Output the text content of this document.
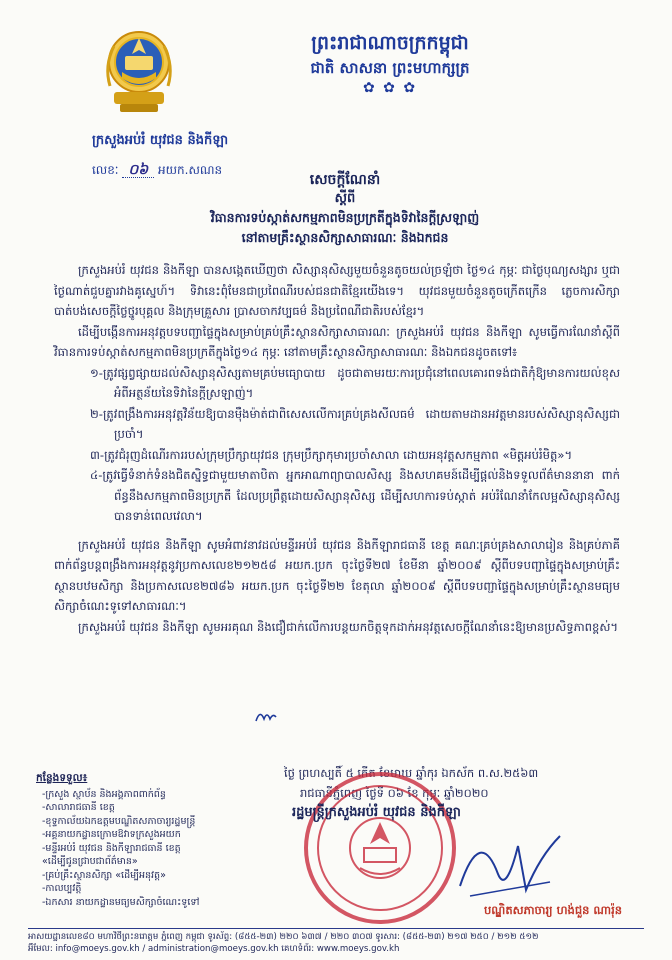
ព្រះរាជាណាចក្រកម្ពុជា
ជាតិ សាសនា ព្រះមហាក្សត្រ
✿ ✿ ✿
ក្រសួងអប់រំ យុវជន និងកីឡា
លេខៈ ០៦ អយក.សណន
សេចក្តីណែនាំ
ស្តីពី
វិធានការទប់ស្កាត់សកម្មភាពមិនប្រក្រតីក្នុងទិវានៃក្តីស្រឡាញ់
នៅតាមគ្រឹះស្ថានសិក្សាសាធារណៈ និងឯកជន

ក្រសួងអប់រំ យុវជន និងកីឡា បានសង្កេតឃើញថា សិស្សានុសិស្សមួយចំនួនតូចយល់ច្រឡំថា ថ្ងៃ១៤ កុម្ភៈ ជាថ្ងៃបុណ្យសង្សារ ឬជាថ្ងៃណាត់ជួបគ្នារវាងគូស្នេហ៍។ ទិវានេះពុំមែនជាប្រពៃណីរបស់ជនជាតិខ្មែរយើងទេ។ យុវជនមួយចំនួនតូចក្រើតក្រើន ភ្លេចការសិក្សា បាត់បង់សេចក្តីថ្លៃថ្នូរបុគ្គល និងក្រុមគ្រួសារ ប្រាសចាកវប្បធម៌ និងប្រពៃណីជាតិរបស់ខ្មែរ។

ដើម្បីបង្កើនការអនុវត្តបទបញ្ជាផ្ទៃក្នុងសម្រាប់គ្រប់គ្រឹះស្ថានសិក្សាសាធារណៈ ក្រសួងអប់រំ យុវជន និងកីឡា សូមធ្វើការណែនាំស្តីពីវិធានការទប់ស្កាត់សកម្មភាពមិនប្រក្រតីក្នុងថ្ងៃ១៤ កុម្ភៈ នៅតាមគ្រឹះស្ថានសិក្សាសាធារណៈ និងឯកជនដូចតទៅ៖

១-ត្រូវផ្សព្វផ្សាយដល់សិស្សានុសិស្សតាមគ្រប់មធ្យោបាយ ដូចជាតាមរយៈការប្រជុំនៅពេលគោរពទង់ជាតិកុំឱ្យមានការយល់ខុសអំពីអត្ថន័យនៃទិវានៃក្តីស្រឡាញ់។

២-ត្រូវពង្រឹងការអនុវត្តវិន័យឱ្យបានម៉ឺងម៉ាត់ជាពិសេសលើការគ្រប់គ្រងសីលធម៌ ដោយតាមដានអវត្តមានរបស់សិស្សានុសិស្សជាប្រចាំ។

៣-ត្រូវជំរុញដំណើរការរបស់ក្រុមប្រឹក្សាយុវជន ក្រុមប្រឹក្សាកុមារប្រចាំសាលា ដោយអនុវត្តសកម្មភាព «មិត្តអប់រំមិត្ត»។

៤-ត្រូវធ្វើទំនាក់ទំនងជិតស្និទ្ធជាមួយមាតាបិតា អ្នកអាណាព្យាបាលសិស្ស និងសហគមន៍ដើម្បីផ្តល់និងទទួលព័ត៌មាននានា ពាក់ព័ន្ធនឹងសកម្មភាពមិនប្រក្រតី ដែលប្រព្រឹត្តដោយសិស្សានុសិស្ស ដើម្បីសហការទប់ស្កាត់ អប់រំណែនាំកែលម្អសិស្សានុសិស្ស បានទាន់ពេលវេលា។

ក្រសួងអប់រំ យុវជន និងកីឡា សូមអំពាវនាវដល់មន្ទីរអប់រំ យុវជន និងកីឡារាជធានី ខេត្ត គណៈគ្រប់គ្រងសាលារៀន និងគ្រប់ភាគីពាក់ព័ន្ធបន្តពង្រឹងការអនុវត្តនូវប្រកាសលេខ២១២៥៨ អយក.ប្រក ចុះថ្ងៃទី២៧ ខែមីនា ឆ្នាំ២០០៩ ស្តីពីបទបញ្ជាផ្ទៃក្នុងសម្រាប់គ្រឹះស្ថានបឋមសិក្សា និងប្រកាសលេខ២៧៨៦ អយក.ប្រក ចុះថ្ងៃទី២២ ខែតុលា ឆ្នាំ២០០៩ ស្តីពីបទបញ្ជាផ្ទៃក្នុងសម្រាប់គ្រឹះស្ថានមធ្យមសិក្សាចំណេះទូទៅសាធារណៈ។

ក្រសួងអប់រំ យុវជន និងកីឡា សូមអរគុណ និងជឿជាក់លើការបន្តយកចិត្តទុកដាក់អនុវត្តសេចក្តីណែនាំនេះឱ្យមានប្រសិទ្ធភាពខ្ពស់។

ថ្ងៃ ព្រហស្បតិ៍ ៥ កើត ខែមាឃ ឆ្នាំកុរ ឯកស័ក ព.ស.២៥៦៣
រាជធានីភ្នំពេញ ថ្ងៃទី ០៦ ខែ កុម្ភៈ ឆ្នាំ២០២០
រដ្ឋមន្ត្រីក្រសួងអប់រំ យុវជន និងកីឡា
បណ្ឌិតសភាចារ្យ ហង់ជួន ណារ៉ុន
កន្លែងទទួល៖
-ក្រសួង ស្ថាប័ន និងអង្គភាពពាក់ព័ន្ធ
-សាលារាជធានី ខេត្ត
-ខុទ្ទកាល័យឯកឧត្តមបណ្ឌិតសភាចារ្យរដ្ឋមន្ត្រី
-អគ្គនាយកដ្ឋានក្រោមឱវាទក្រសួងអយក
-មន្ទីរអប់រំ យុវជន និងកីឡារាជធានី ខេត្ត
«ដើម្បីជូនជ្រាបជាព័ត៌មាន»
-គ្រប់គ្រឹះស្ថានសិក្សា «ដើម្បីអនុវត្ត»
-កាលប្បវត្តិ
-ឯកសារ នាយកដ្ឋានមធ្យមសិក្សាចំណេះទូទៅ
អាសយដ្ឋានលេខ៨០ មហាវិថីព្រះនរោត្តម ភ្នំពេញ កម្ពុជា ទូរស័ព្ទ: (៨៥៥-២៣) ២២០ ៦៣៧ / ២២០ ៣០៧ ទូរសារ: (៨៥៥-២៣) ២១៧ ២៥០ / ២១២ ៥១២
អ៊ីមែល: info@moeys.gov.kh / administration@moeys.gov.kh គេហទំព័រ: www.moeys.gov.kh
